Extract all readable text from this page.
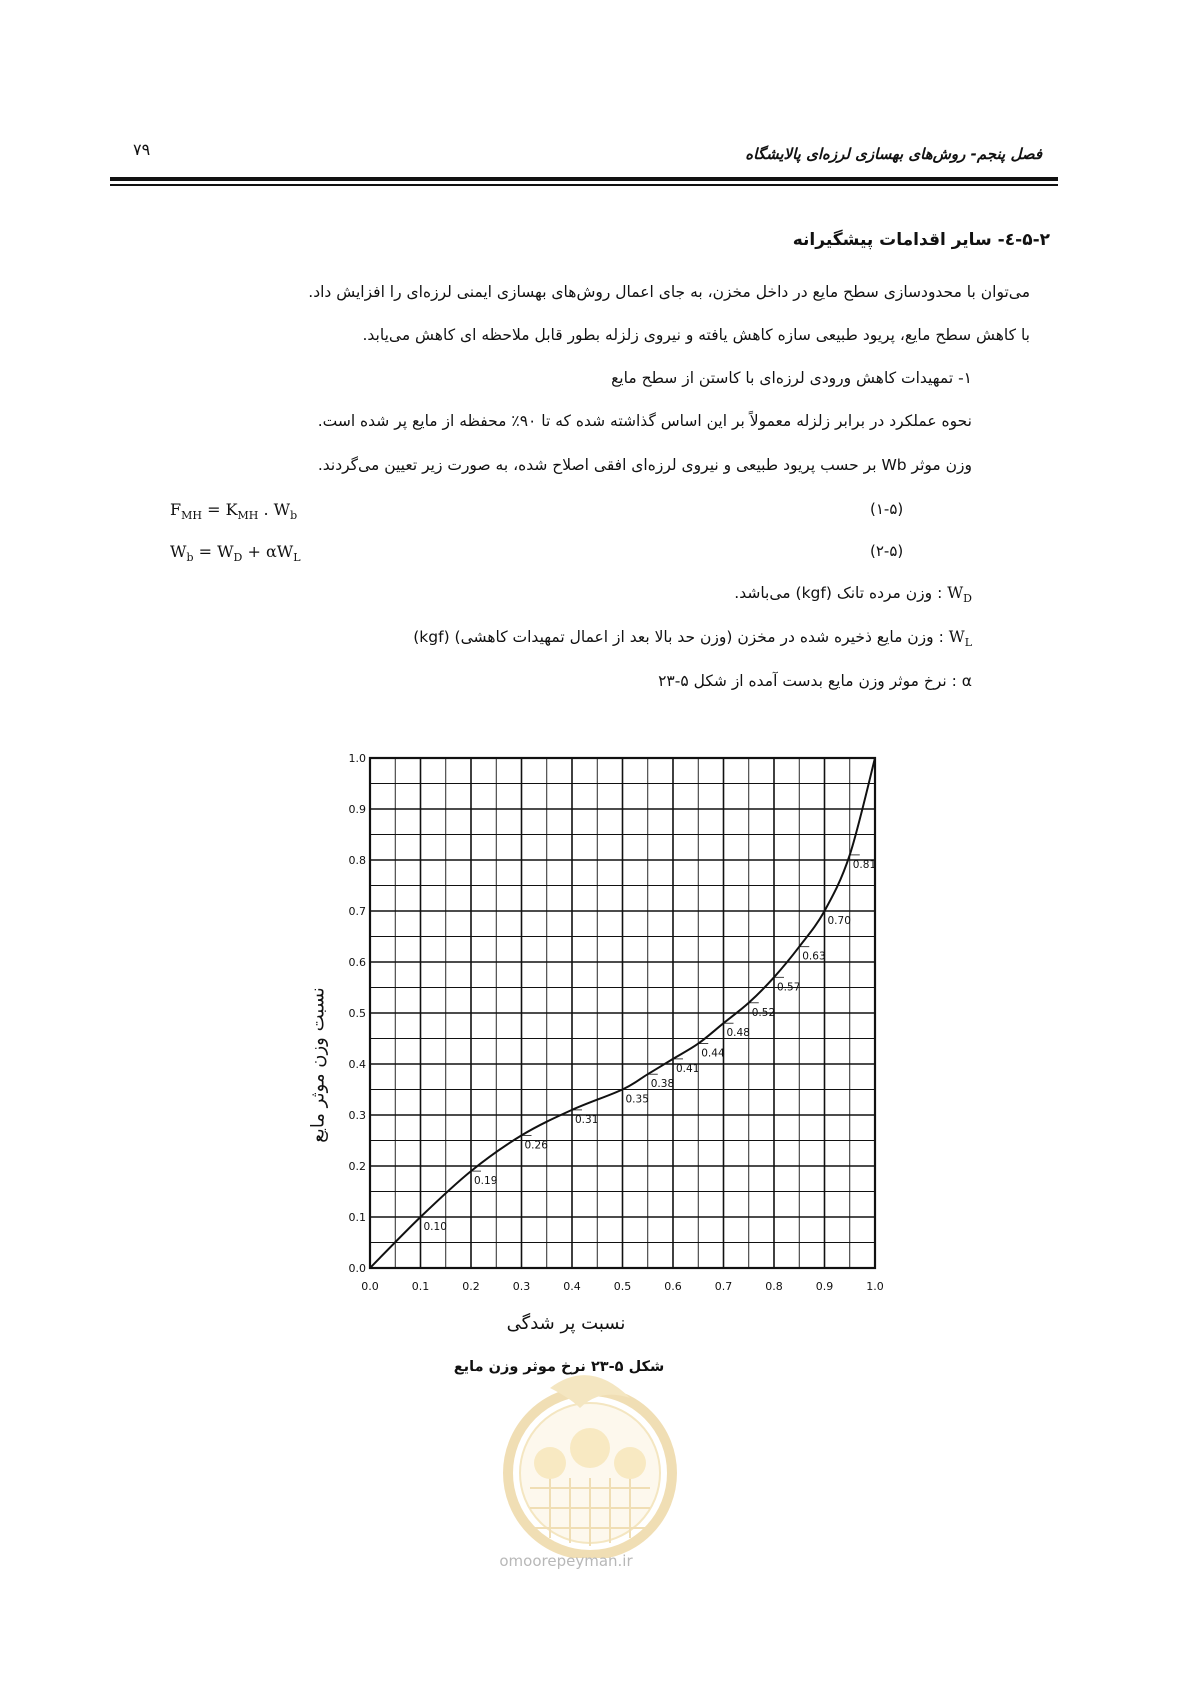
۷۹	فصل پنجم- روش‌های بهسازی لرزه‌ای پالایشگاه
۵-۲-٤- سایر اقدامات پیشگیرانه
می‌توان با محدودسازی سطح مایع در داخل مخزن، به جای اعمال روش‌های بهسازی ایمنی لرزه‌ای را افزایش داد.
با کاهش سطح مایع، پریود طبیعی سازه کاهش یافته و نیروی زلزله بطور قابل ملاحظه ای کاهش می‌یابد.
۱- تمهیدات کاهش ورودی لرزه‌ای با کاستن از سطح مایع
نحوه عملکرد در برابر زلزله معمولاً بر این اساس گذاشته شده که تا ۹۰٪ محفظه از مایع پر شده است.
وزن موثر Wb بر حسب پریود طبیعی و نیروی لرزه‌ای افقی اصلاح شده، به صورت زیر تعیین می‌گردند.
$F_{MH} = K_{MH}$ . $W_b$	(۱-۵)
$W_b = W_D + \alpha W_L$	(۲-۵)
$W_D$ : وزن مرده تانک (kgf) می‌باشد.
$W_L$ : وزن مایع ذخیره شده در مخزن (وزن حد بالا بعد از اعمال تمهیدات کاهشی) (kgf)
α : نرخ موثر وزن مایع بدست آمده از شکل ۵-۲۳
0.0	0.1	0.2	0.3	0.4	0.5	0.6	0.7	0.8	0.9	1.0
0.0
0.1
0.2
0.3
0.4
0.5
0.6
0.7
0.8
0.9
1.0
0.10
0.19
0.26
0.31
0.35
0.38
0.41
0.44
0.48
0.52
0.57
0.63
0.70
0.81
نسبت وزن موثر مایع
نسبت پر شدگی
شکل ۵-۲۳ نرخ موثر وزن مایع
omoorepeyman.ir
